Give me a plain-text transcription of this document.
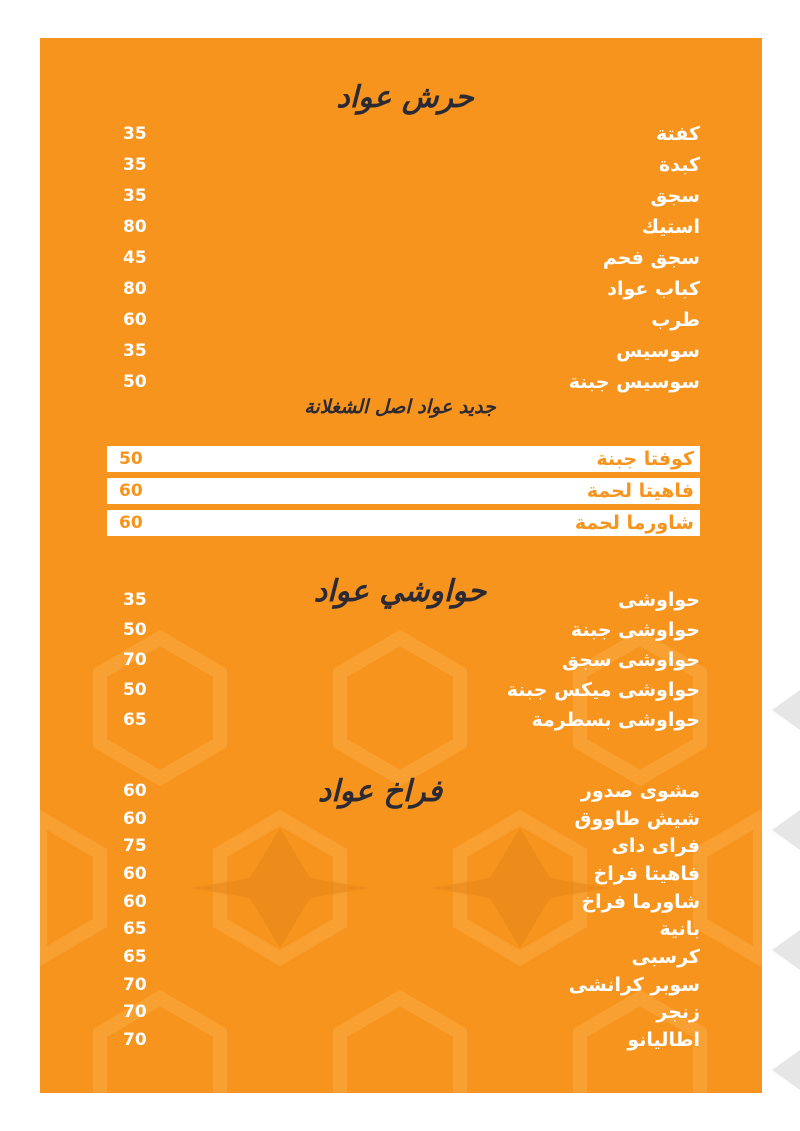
حرش عواد
كفتة
35
كبدة
35
سجق
35
استيك
80
سجق فحم
45
كباب عواد
80
طرب
60
سوسيس
35
سوسيس جبنة
50
جديد عواد اصل الشغلانة
كوفتا جبنة
50
فاهيتا لحمة
60
شاورما لحمة
60
حواوشي عواد	حواوشى
35
حواوشى جبنة
50
حواوشى سجق
70
حواوشى ميكس جبنة
50
حواوشى بسطرمة
65
فراخ عواد	مشوى صدور
60
شيش طاووق
60
فراى داى
75
فاهيتا فراخ
60
شاورما فراخ
60
بانية
65
كرسبى
65
سوبر كرانشى
70
زنجر
70
اطاليانو
70
